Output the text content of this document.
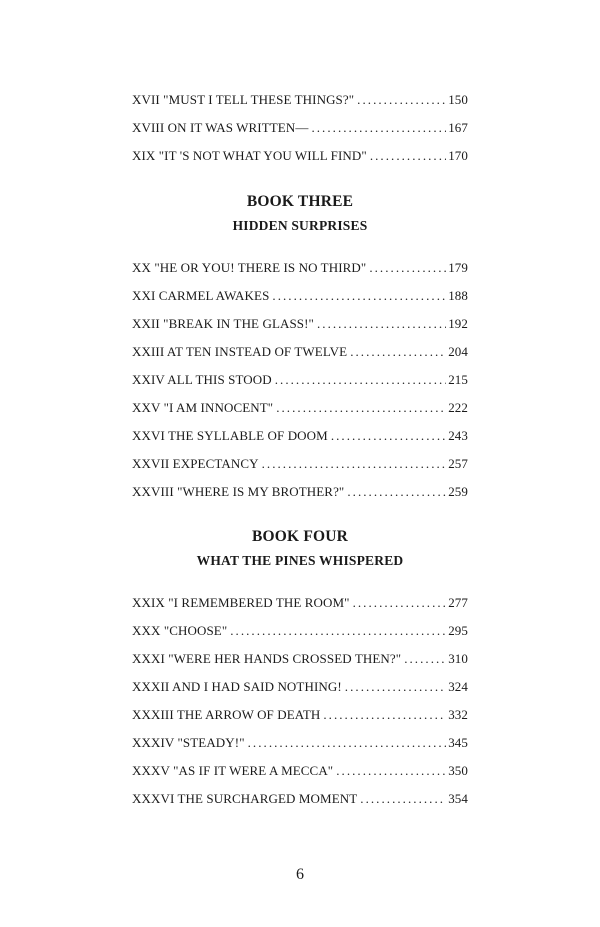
XVII "MUST I TELL THESE THINGS?" . . .	150
XVIII ON IT WAS WRITTEN— . . .	167
XIX "IT 'S NOT WHAT YOU WILL FIND" . . .	170
BOOK THREE
HIDDEN SURPRISES
XX "HE OR YOU! THERE IS NO THIRD" . . .	179
XXI CARMEL AWAKES . . .	188
XXII "BREAK IN THE GLASS!" . . .	192
XXIII AT TEN INSTEAD OF TWELVE . . .	204
XXIV ALL THIS STOOD . . .	215
XXV "I AM INNOCENT" . . .	222
XXVI THE SYLLABLE OF DOOM . . .	243
XXVII EXPECTANCY . . .	257
XXVIII "WHERE IS MY BROTHER?" . . .	259
BOOK FOUR
WHAT THE PINES WHISPERED
XXIX "I REMEMBERED THE ROOM" . . .	277
XXX "CHOOSE" . . .	295
XXXI "WERE HER HANDS CROSSED THEN?" . . .	310
XXXII AND I HAD SAID NOTHING! . . .	324
XXXIII THE ARROW OF DEATH . . .	332
XXXIV "STEADY!" . . .	345
XXXV "AS IF IT WERE A MECCA" . . .	350
XXXVI THE SURCHARGED MOMENT . . .	354
6
